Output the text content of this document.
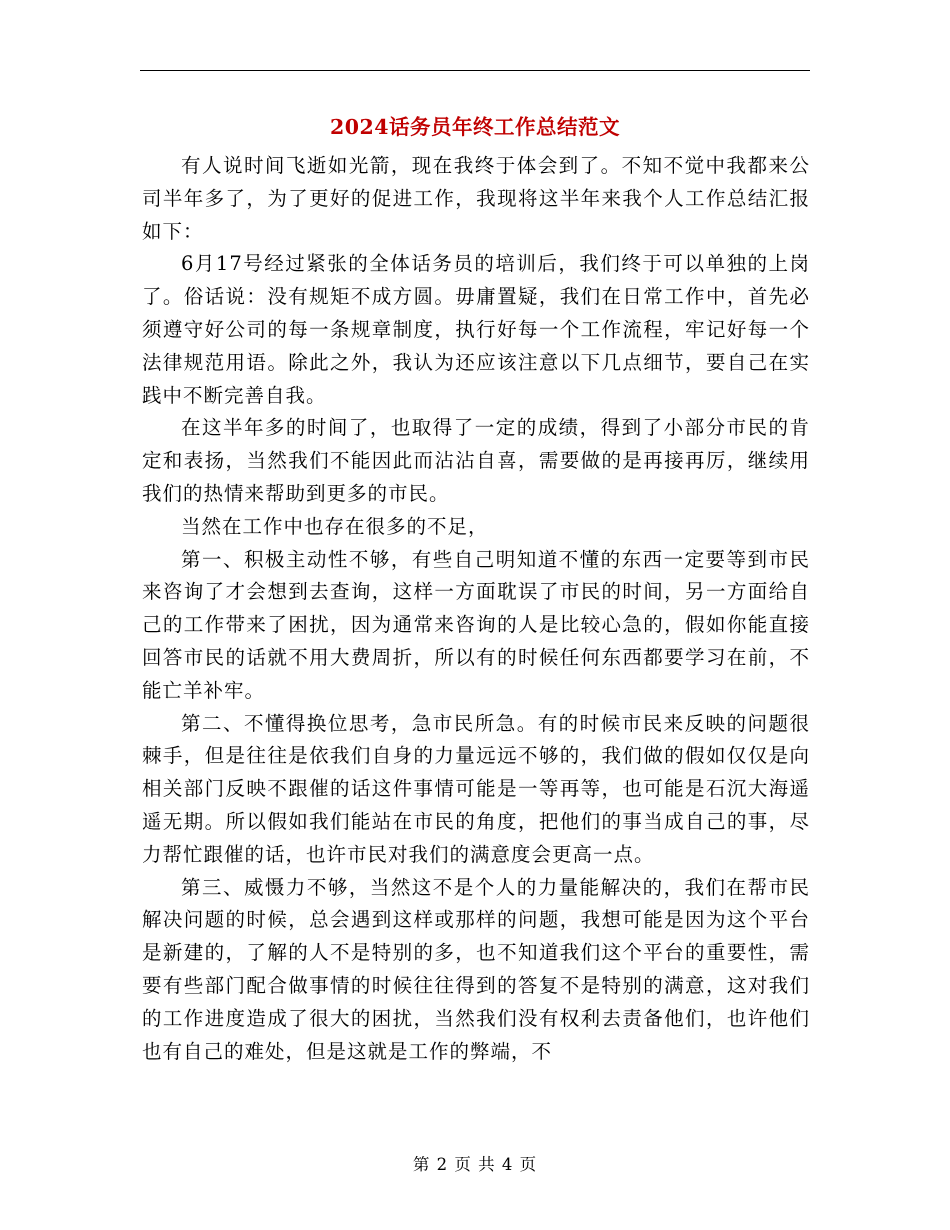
2024话务员年终工作总结范文

有人说时间飞逝如光箭，现在我终于体会到了。不知不觉中我都来公司半年多了，为了更好的促进工作，我现将这半年来我个人工作总结汇报如下：

6月17号经过紧张的全体话务员的培训后，我们终于可以单独的上岗了。俗话说：没有规矩不成方圆。毋庸置疑，我们在日常工作中，首先必须遵守好公司的每一条规章制度，执行好每一个工作流程，牢记好每一个法律规范用语。除此之外，我认为还应该注意以下几点细节，要自己在实践中不断完善自我。

在这半年多的时间了，也取得了一定的成绩，得到了小部分市民的肯定和表扬，当然我们不能因此而沾沾自喜，需要做的是再接再厉，继续用我们的热情来帮助到更多的市民。

当然在工作中也存在很多的不足，

第一、积极主动性不够，有些自己明知道不懂的东西一定要等到市民来咨询了才会想到去查询，这样一方面耽误了市民的时间，另一方面给自己的工作带来了困扰，因为通常来咨询的人是比较心急的，假如你能直接回答市民的话就不用大费周折，所以有的时候任何东西都要学习在前，不能亡羊补牢。

第二、不懂得换位思考，急市民所急。有的时候市民来反映的问题很棘手，但是往往是依我们自身的力量远远不够的，我们做的假如仅仅是向相关部门反映不跟催的话这件事情可能是一等再等，也可能是石沉大海遥遥无期。所以假如我们能站在市民的角度，把他们的事当成自己的事，尽力帮忙跟催的话，也许市民对我们的满意度会更高一点。

第三、威慑力不够，当然这不是个人的力量能解决的，我们在帮市民解决问题的时候，总会遇到这样或那样的问题，我想可能是因为这个平台是新建的，了解的人不是特别的多，也不知道我们这个平台的重要性，需要有些部门配合做事情的时候往往得到的答复不是特别的满意，这对我们的工作进度造成了很大的困扰，当然我们没有权利去责备他们，也许他们也有自己的难处，但是这就是工作的弊端，不

第 2 页 共 4 页
